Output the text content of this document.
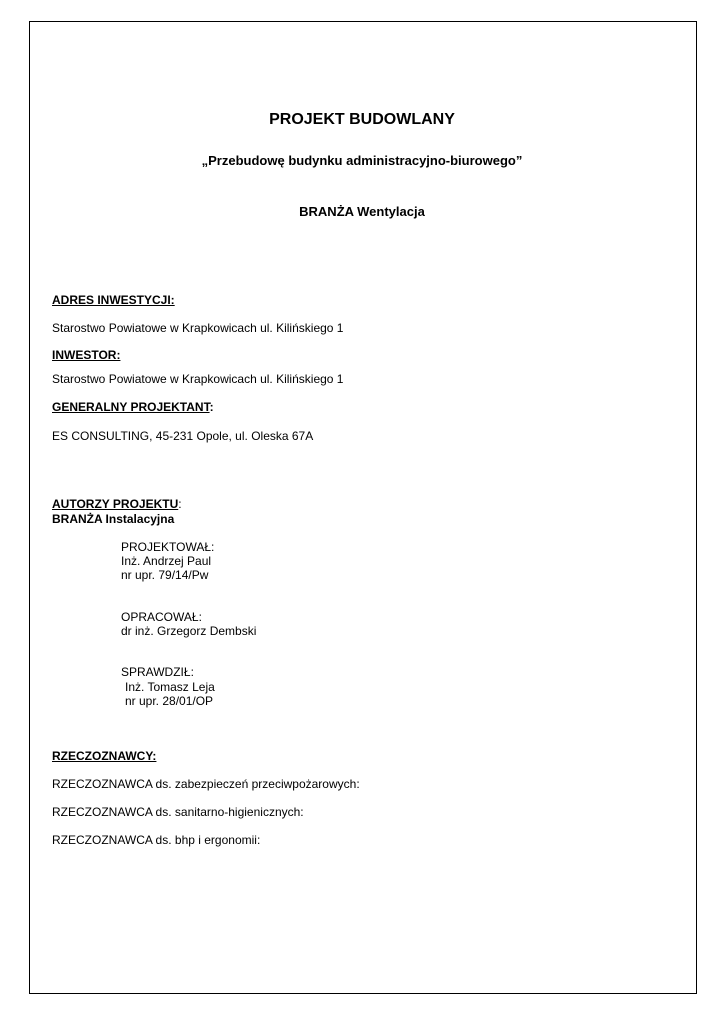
PROJEKT BUDOWLANY
„Przebudowę budynku administracyjno-biurowego”
BRANŻA Wentylacja
ADRES INWESTYCJI:
Starostwo Powiatowe w Krapkowicach ul. Kilińskiego 1
INWESTOR:
Starostwo Powiatowe w Krapkowicach ul. Kilińskiego 1
GENERALNY PROJEKTANT:
ES CONSULTING, 45-231 Opole, ul. Oleska 67A
AUTORZY PROJEKTU:
BRANŻA Instalacyjna
PROJEKTOWAŁ:
Inż. Andrzej Paul
nr upr. 79/14/Pw
OPRACOWAŁ:
dr inż. Grzegorz Dembski
SPRAWDZIŁ:
Inż. Tomasz Leja
nr upr. 28/01/OP
RZECZOZNAWCY:
RZECZOZNAWCA ds. zabezpieczeń przeciwpożarowych:
RZECZOZNAWCA ds. sanitarno-higienicznych:
RZECZOZNAWCA ds. bhp i ergonomii:
